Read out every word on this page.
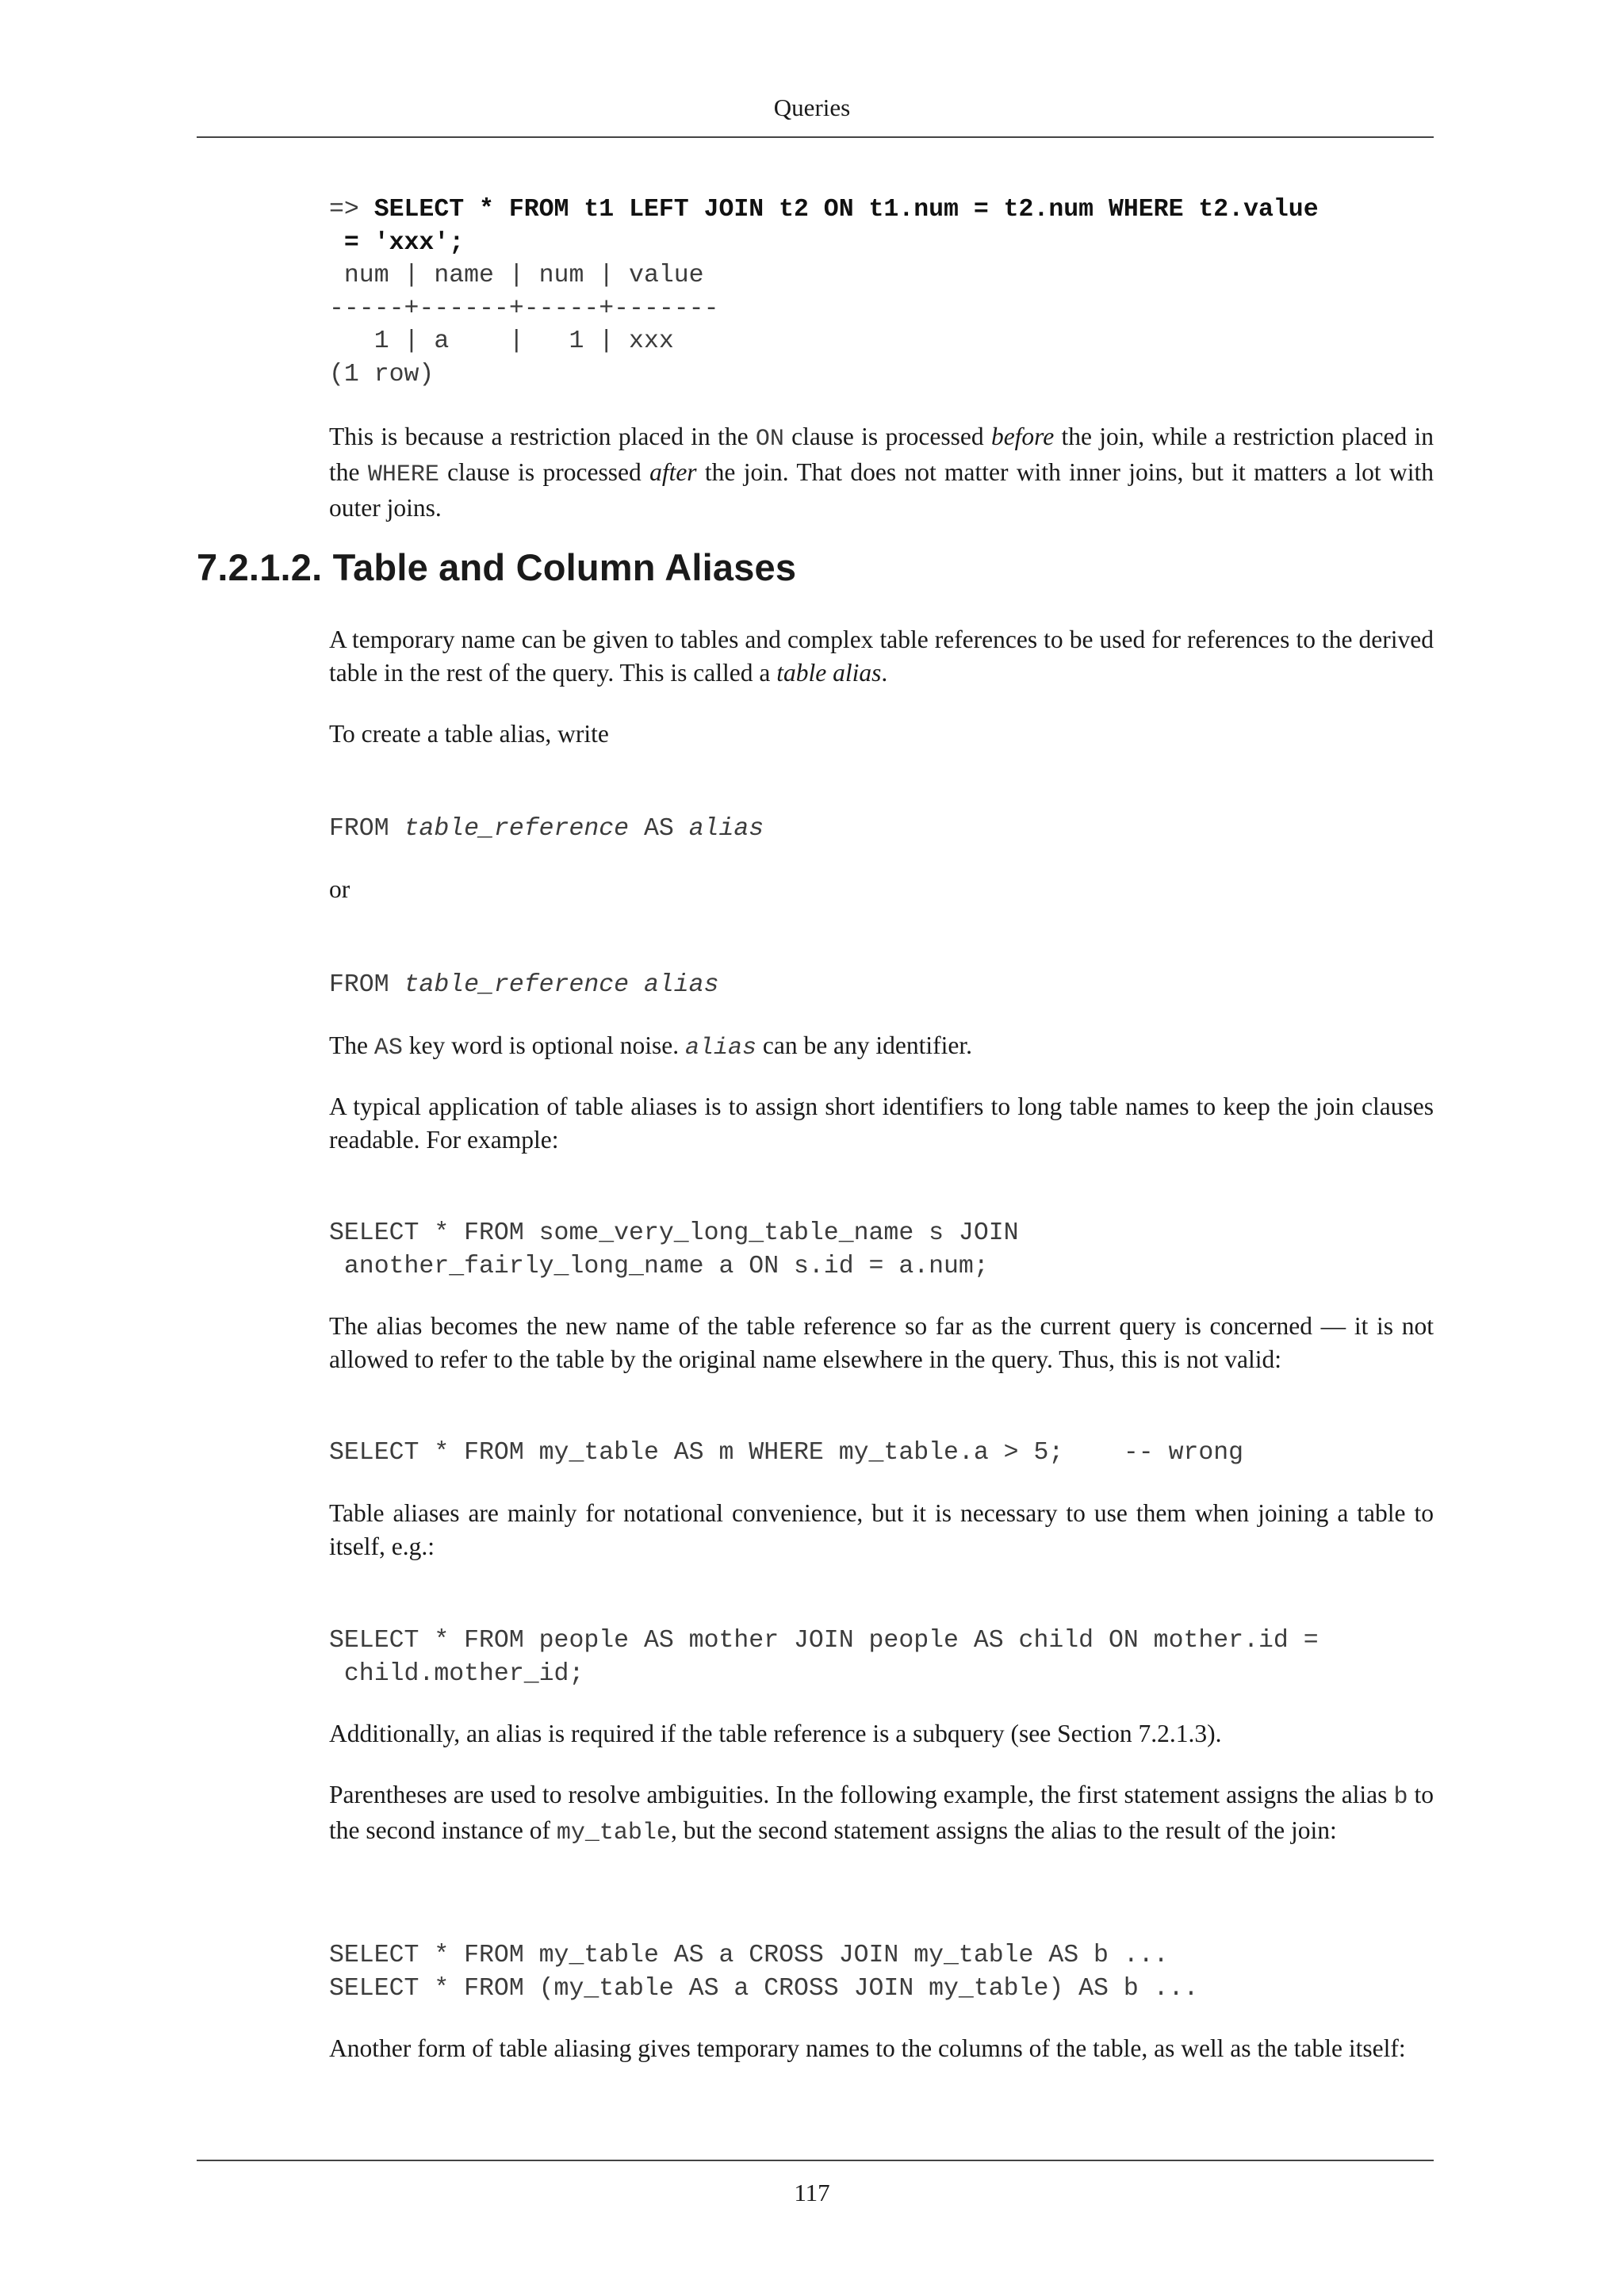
Queries
=> SELECT * FROM t1 LEFT JOIN t2 ON t1.num = t2.num WHERE t2.value
= 'xxx';
num | name | num | value
-----+------+-----+-------
1 | a    |   1 | xxx
(1 row)

This is because a restriction placed in the ON clause is processed before the join, while a restriction placed in the WHERE clause is processed after the join. That does not matter with inner joins, but it matters a lot with outer joins.

7.2.1.2. Table and Column Aliases

A temporary name can be given to tables and complex table references to be used for references to the derived table in the rest of the query. This is called a table alias.

To create a table alias, write

FROM table_reference AS alias

or

FROM table_reference alias

The AS key word is optional noise. alias can be any identifier.

A typical application of table aliases is to assign short identifiers to long table names to keep the join clauses readable. For example:

SELECT * FROM some_very_long_table_name s JOIN
another_fairly_long_name a ON s.id = a.num;

The alias becomes the new name of the table reference so far as the current query is concerned — it is not allowed to refer to the table by the original name elsewhere in the query. Thus, this is not valid:

SELECT * FROM my_table AS m WHERE my_table.a > 5;    -- wrong

Table aliases are mainly for notational convenience, but it is necessary to use them when joining a table to itself, e.g.:

SELECT * FROM people AS mother JOIN people AS child ON mother.id =
child.mother_id;

Additionally, an alias is required if the table reference is a subquery (see Section 7.2.1.3).

Parentheses are used to resolve ambiguities. In the following example, the first statement assigns the alias b to the second instance of my_table, but the second statement assigns the alias to the result of the join:

SELECT * FROM my_table AS a CROSS JOIN my_table AS b ...
SELECT * FROM (my_table AS a CROSS JOIN my_table) AS b ...

Another form of table aliasing gives temporary names to the columns of the table, as well as the table itself:

117
